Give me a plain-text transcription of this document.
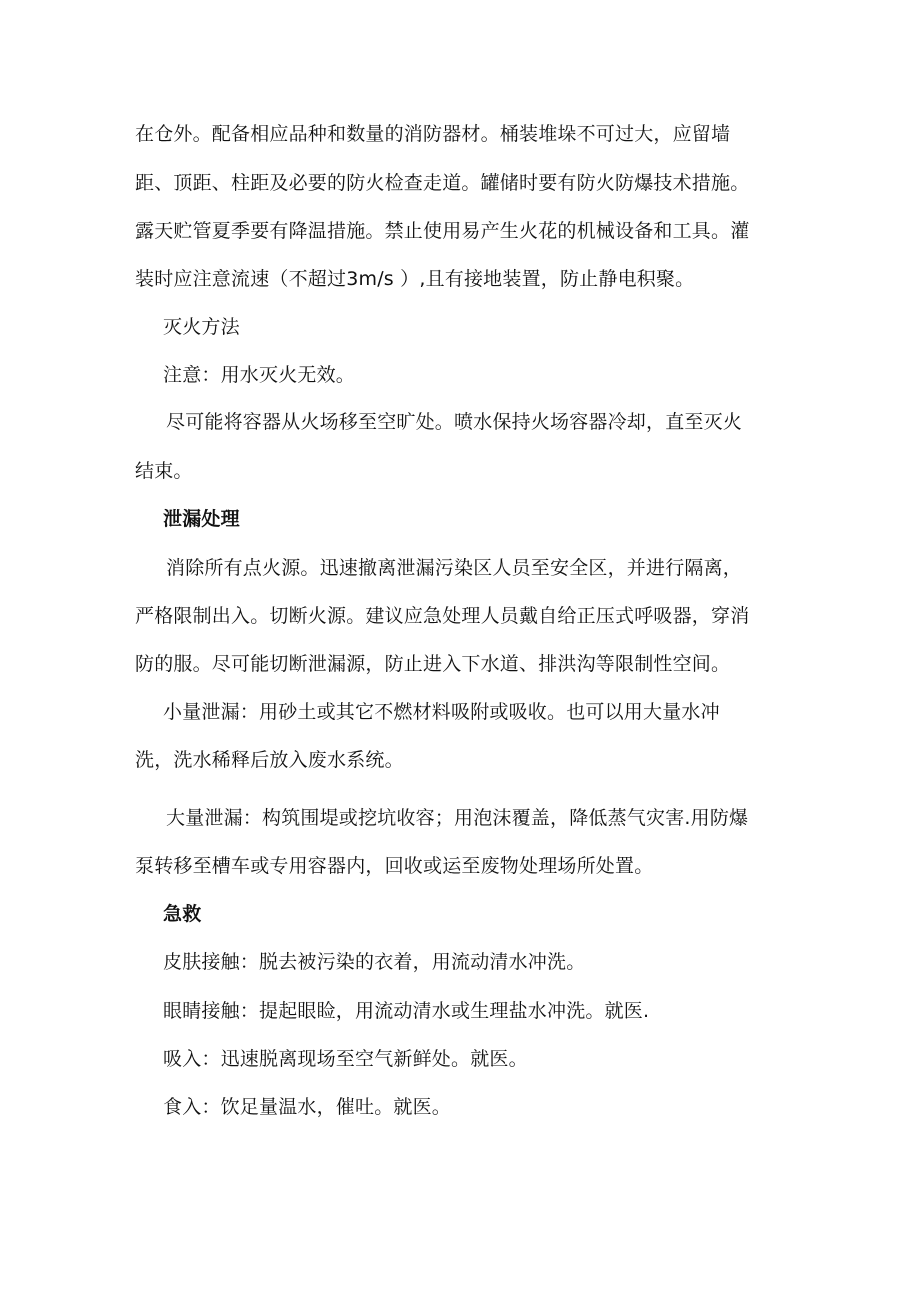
在仓外。配备相应品种和数量的消防器材。桶装堆垛不可过大，应留墙
距、顶距、柱距及必要的防火检查走道。罐储时要有防火防爆技术措施。
露天贮管夏季要有降温措施。禁止使用易产生火花的机械设备和工具。灌
装时应注意流速（不超过3m∕s ）,且有接地装置，防止静电积聚。
灭火方法
注意：用水灭火无效。
尽可能将容器从火场移至空旷处。喷水保持火场容器冷却，直至灭火
结束。
泄漏处理
消除所有点火源。迅速撤离泄漏污染区人员至安全区，并进行隔离，
严格限制出入。切断火源。建议应急处理人员戴自给正压式呼吸器，穿消
防的服。尽可能切断泄漏源，防止进入下水道、排洪沟等限制性空间。
小量泄漏：用砂土或其它不燃材料吸附或吸收。也可以用大量水冲
洗，洗水稀释后放入废水系统。
大量泄漏：构筑围堤或挖坑收容；用泡沫覆盖，降低蒸气灾害.用防爆
泵转移至槽车或专用容器内，回收或运至废物处理场所处置。
急救
皮肤接触：脱去被污染的衣着，用流动清水冲洗。
眼睛接触：提起眼睑，用流动清水或生理盐水冲洗。就医.
吸入：迅速脱离现场至空气新鲜处。就医。
食入：饮足量温水，催吐。就医。
